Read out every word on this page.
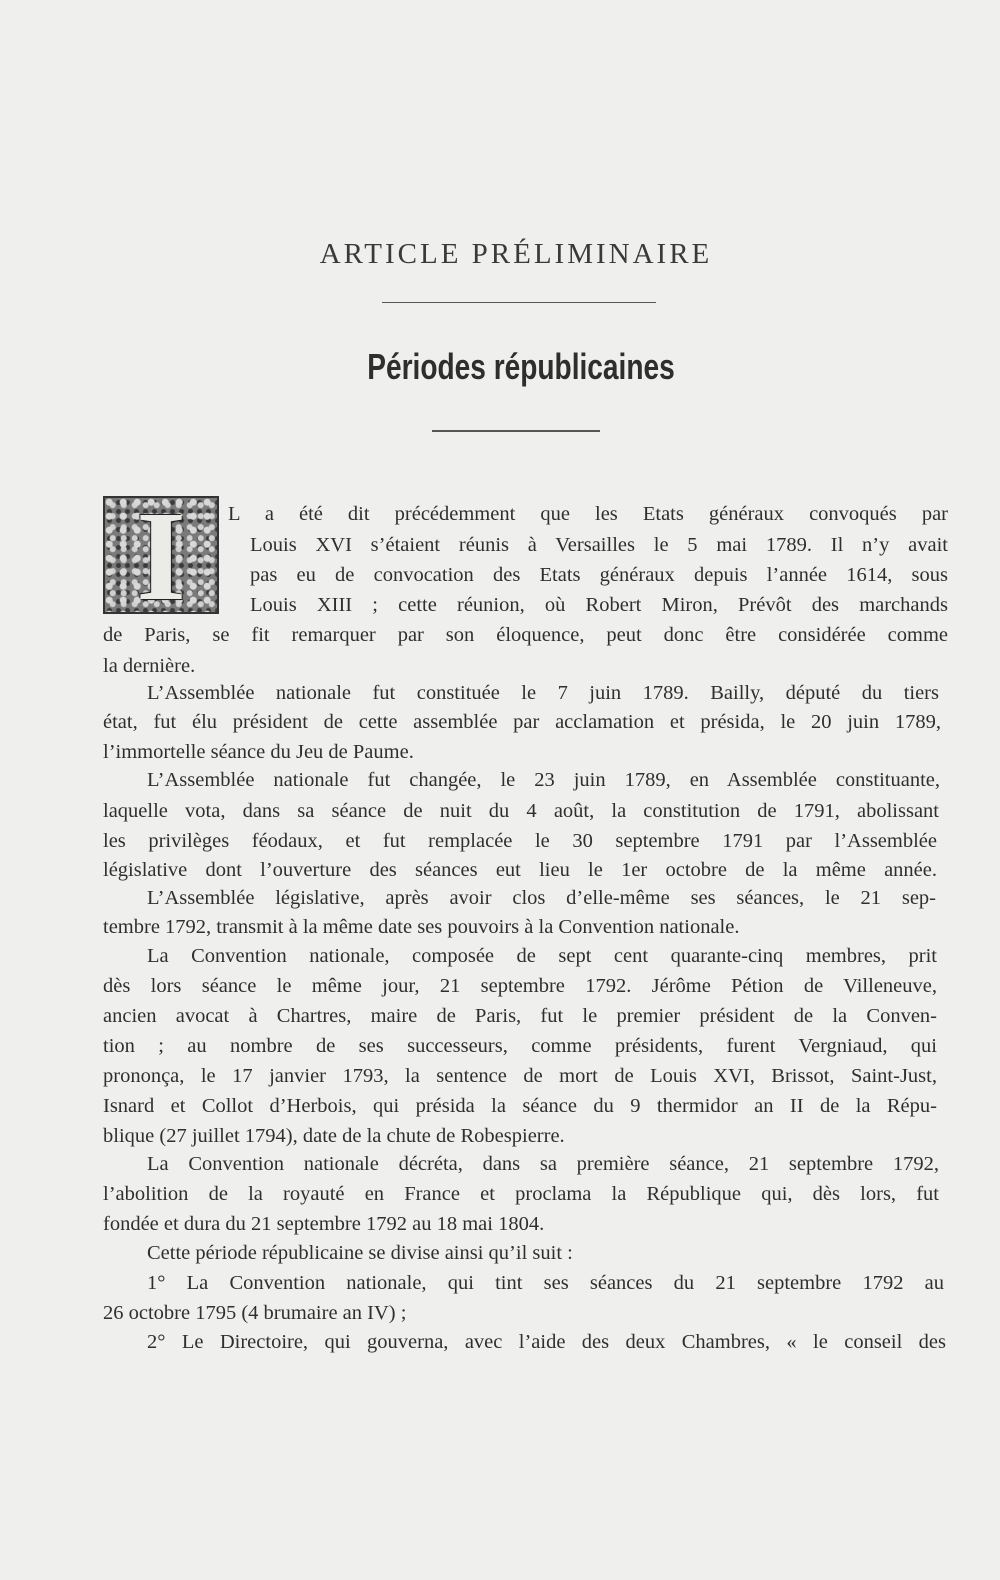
ARTICLE PRÉLIMINAIRE
Périodes républicaines
I	L a été dit précédemment que les Etats généraux convoqués par
Louis XVI s’étaient réunis à Versailles le 5 mai 1789. Il n’y avait
pas eu de convocation des Etats généraux depuis l’année 1614, sous
Louis XIII ; cette réunion, où Robert Miron, Prévôt des marchands
de Paris, se fit remarquer par son éloquence, peut donc être considérée comme
la dernière.
L’Assemblée nationale fut constituée le 7 juin 1789. Bailly, député du tiers
état, fut élu président de cette assemblée par acclamation et présida, le 20 juin 1789,
l’immortelle séance du Jeu de Paume.
L’Assemblée nationale fut changée, le 23 juin 1789, en Assemblée constituante,
laquelle vota, dans sa séance de nuit du 4 août, la constitution de 1791, abolissant
les privilèges féodaux, et fut remplacée le 30 septembre 1791 par l’Assemblée
législative dont l’ouverture des séances eut lieu le 1er octobre de la même année.
L’Assemblée législative, après avoir clos d’elle-même ses séances, le 21 sep-
tembre 1792, transmit à la même date ses pouvoirs à la Convention nationale.
La Convention nationale, composée de sept cent quarante-cinq membres, prit
dès lors séance le même jour, 21 septembre 1792. Jérôme Pétion de Villeneuve,
ancien avocat à Chartres, maire de Paris, fut le premier président de la Conven-
tion ; au nombre de ses successeurs, comme présidents, furent Vergniaud, qui
prononça, le 17 janvier 1793, la sentence de mort de Louis XVI, Brissot, Saint-Just,
Isnard et Collot d’Herbois, qui présida la séance du 9 thermidor an II de la Répu-
blique (27 juillet 1794), date de la chute de Robespierre.
La Convention nationale décréta, dans sa première séance, 21 septembre 1792,
l’abolition de la royauté en France et proclama la République qui, dès lors, fut
fondée et dura du 21 septembre 1792 au 18 mai 1804.
Cette période républicaine se divise ainsi qu’il suit :
1° La Convention nationale, qui tint ses séances du 21 septembre 1792 au
26 octobre 1795 (4 brumaire an IV) ;
2° Le Directoire, qui gouverna, avec l’aide des deux Chambres, « le conseil des
